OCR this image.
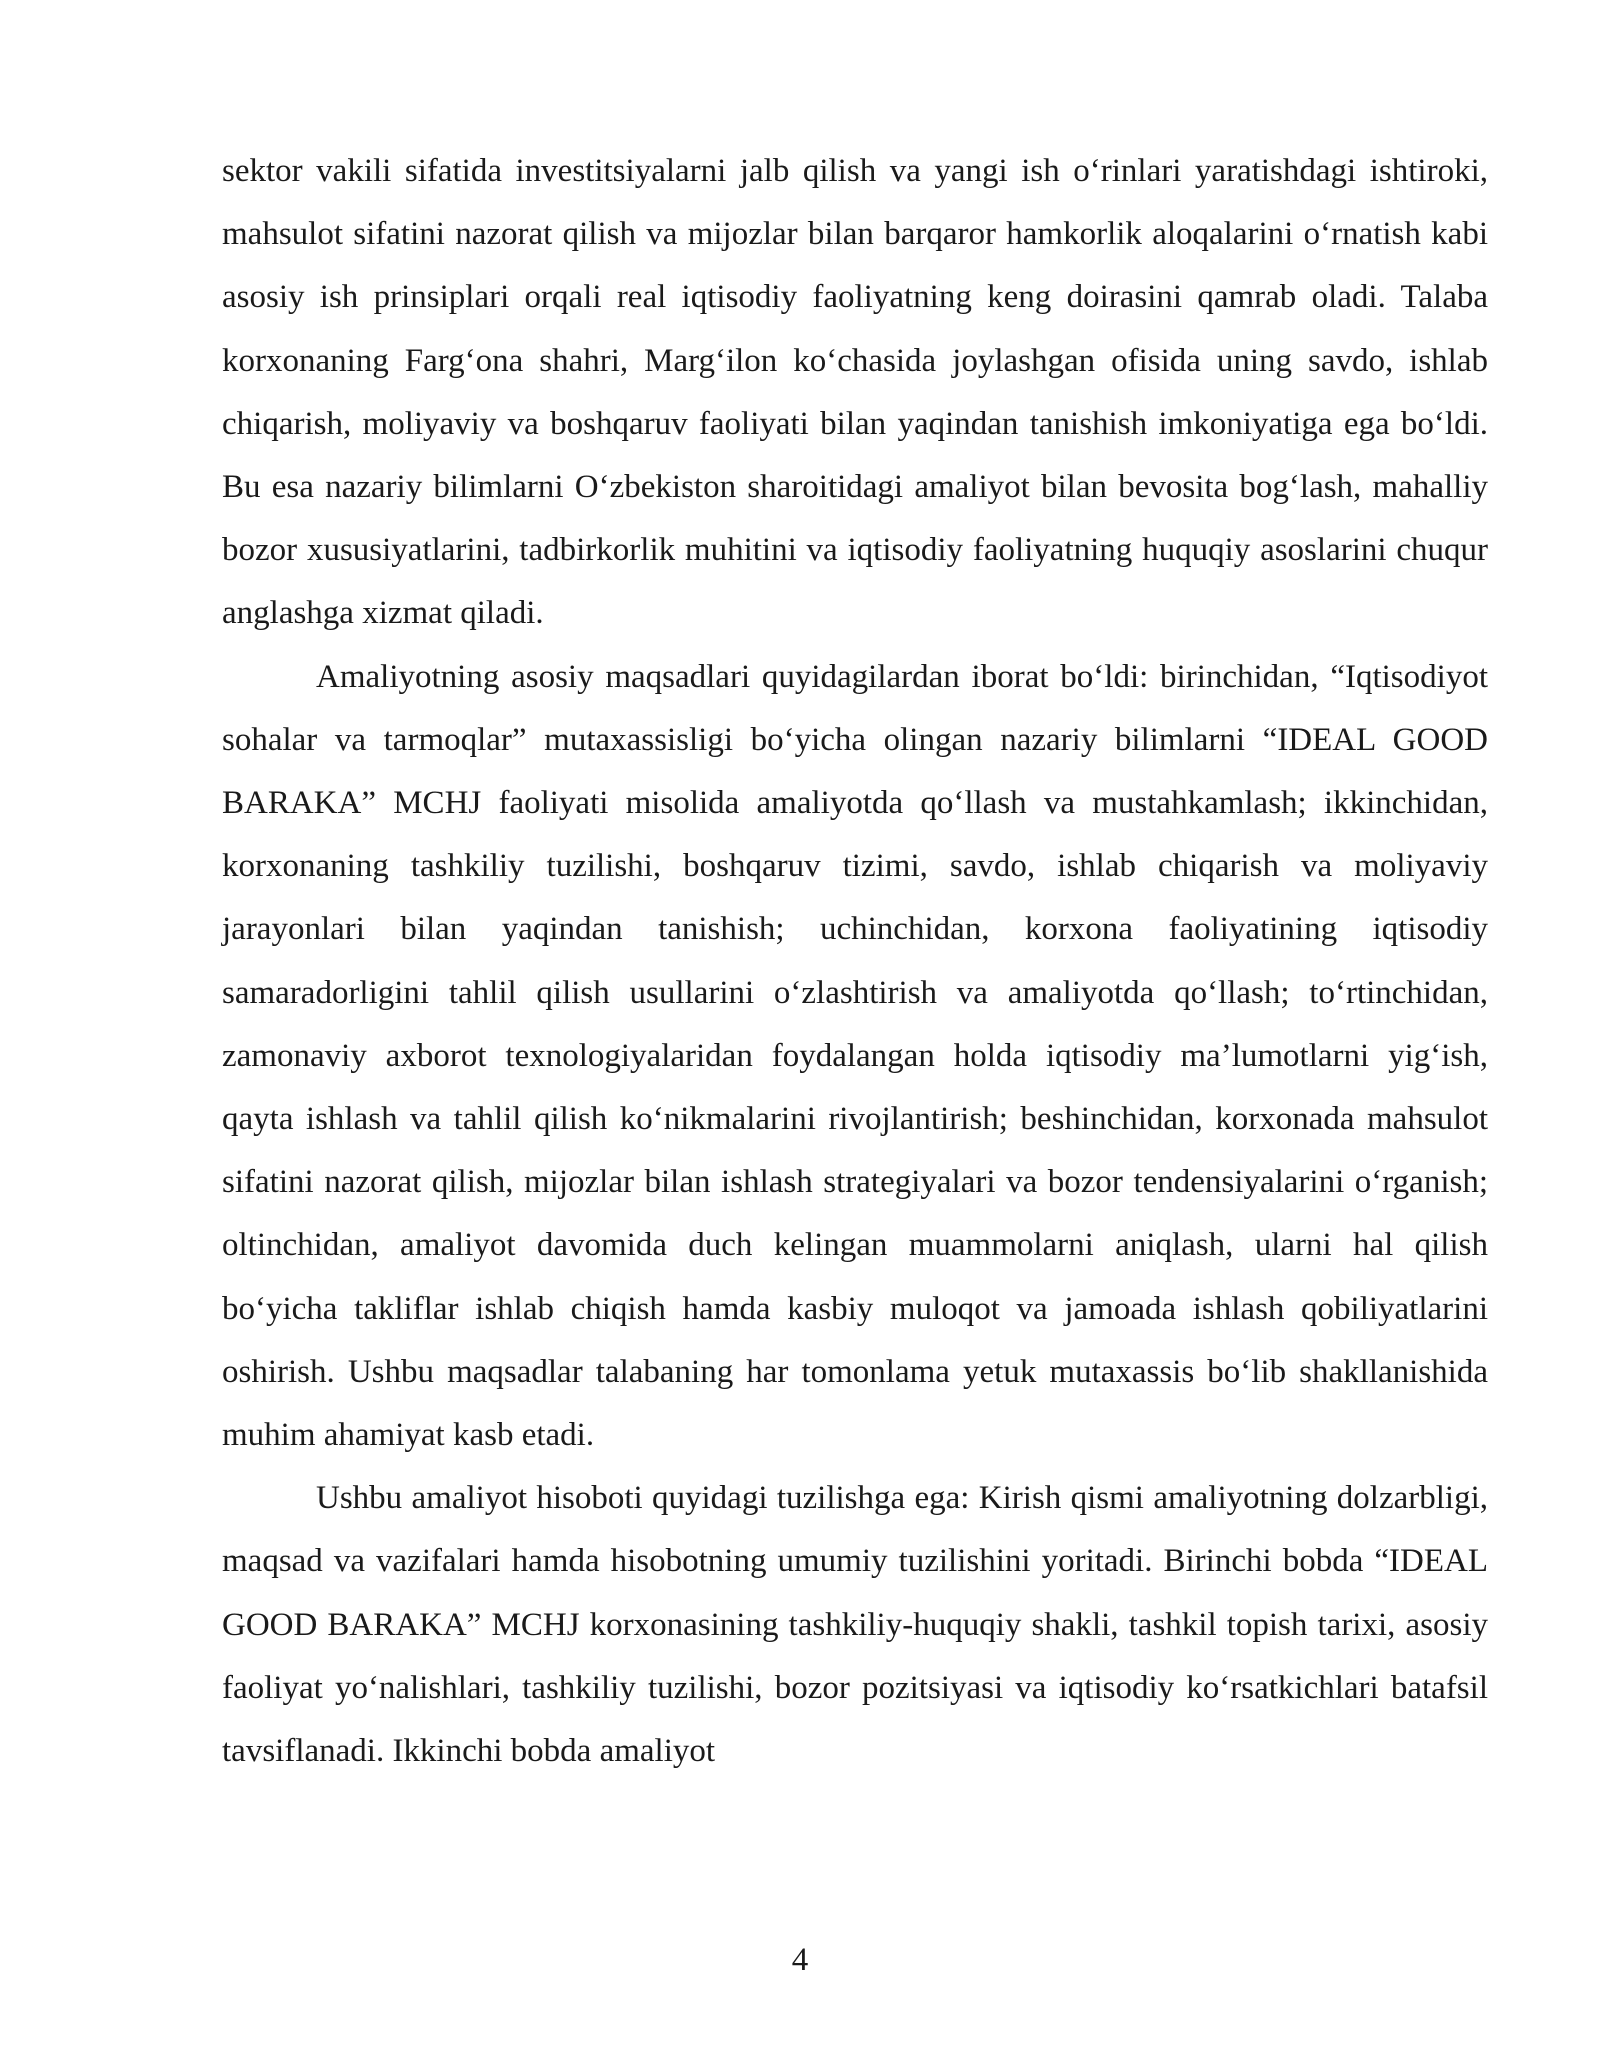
sektor vakili sifatida investitsiyalarni jalb qilish va yangi ish o‘rinlari yaratishdagi ishtiroki, mahsulot sifatini nazorat qilish va mijozlar bilan barqaror hamkorlik aloqalarini o‘rnatish kabi asosiy ish prinsiplari orqali real iqtisodiy faoliyatning keng doirasini qamrab oladi. Talaba korxonaning Farg‘ona shahri, Marg‘ilon ko‘chasida joylashgan ofisida uning savdo, ishlab chiqarish, moliyaviy va boshqaruv faoliyati bilan yaqindan tanishish imkoniyatiga ega bo‘ldi. Bu esa nazariy bilimlarni O‘zbekiston sharoitidagi amaliyot bilan bevosita bog‘lash, mahalliy bozor xususiyatlarini, tadbirkorlik muhitini va iqtisodiy faoliyatning huquqiy asoslarini chuqur anglashga xizmat qiladi.

Amaliyotning asosiy maqsadlari quyidagilardan iborat bo‘ldi: birinchidan, “Iqtisodiyot sohalar va tarmoqlar” mutaxassisligi bo‘yicha olingan nazariy bilimlarni “IDEAL GOOD BARAKA” MCHJ faoliyati misolida amaliyotda qo‘llash va mustahkamlash; ikkinchidan, korxonaning tashkiliy tuzilishi, boshqaruv tizimi, savdo, ishlab chiqarish va moliyaviy jarayonlari bilan yaqindan tanishish; uchinchidan, korxona faoliyatining iqtisodiy samaradorligini tahlil qilish usullarini o‘zlashtirish va amaliyotda qo‘llash; to‘rtinchidan, zamonaviy axborot texnologiyalaridan foydalangan holda iqtisodiy ma’lumotlarni yig‘ish, qayta ishlash va tahlil qilish ko‘nikmalarini rivojlantirish; beshinchidan, korxonada mahsulot sifatini nazorat qilish, mijozlar bilan ishlash strategiyalari va bozor tendensiyalarini o‘rganish; oltinchidan, amaliyot davomida duch kelingan muammolarni aniqlash, ularni hal qilish bo‘yicha takliflar ishlab chiqish hamda kasbiy muloqot va jamoada ishlash qobiliyatlarini oshirish. Ushbu maqsadlar talabaning har tomonlama yetuk mutaxassis bo‘lib shakllanishida muhim ahamiyat kasb etadi.

Ushbu amaliyot hisoboti quyidagi tuzilishga ega: Kirish qismi amaliyotning dolzarbligi, maqsad va vazifalari hamda hisobotning umumiy tuzilishini yoritadi. Birinchi bobda “IDEAL GOOD BARAKA” MCHJ korxonasining tashkiliy-huquqiy shakli, tashkil topish tarixi, asosiy faoliyat yo‘nalishlari, tashkiliy tuzilishi, bozor pozitsiyasi va iqtisodiy ko‘rsatkichlari batafsil tavsiflanadi. Ikkinchi bobda amaliyot

4
